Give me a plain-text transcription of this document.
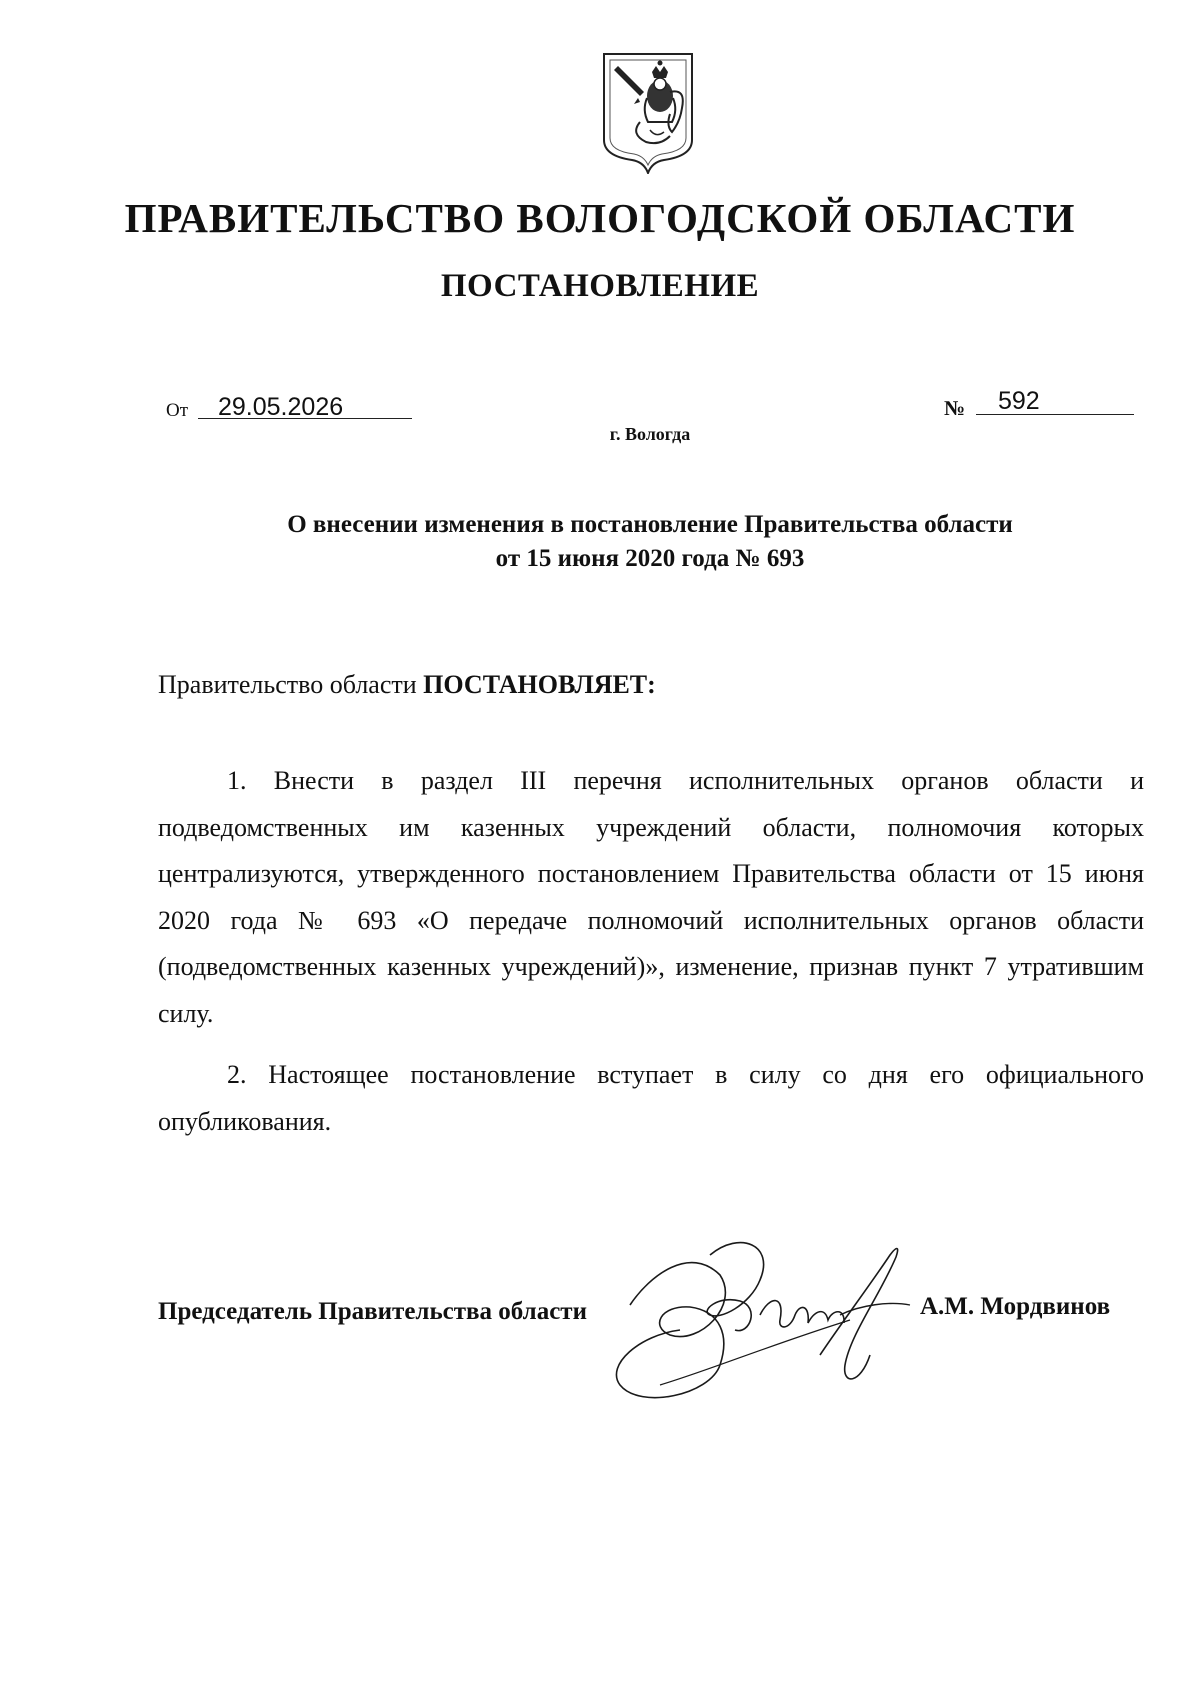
ПРАВИТЕЛЬСТВО ВОЛОГОДСКОЙ ОБЛАСТИ
ПОСТАНОВЛЕНИЕ
От 29.05.2026	№ 592
г. Вологда
О внесении изменения в постановление Правительства области
от 15 июня 2020 года № 693
Правительство области ПОСТАНОВЛЯЕТ:
1. Внести в раздел III перечня исполнительных органов области и подведомственных им казенных учреждений области, полномочия которых централизуются, утвержденного постановлением Правительства области от 15 июня 2020 года № 693 «О передаче полномочий исполнительных органов области (подведомственных казенных учреждений)», изменение, признав пункт 7 утратившим силу.
2. Настоящее постановление вступает в силу со дня его официального опубликования.
Председатель Правительства области	А.М. Мордвинов
